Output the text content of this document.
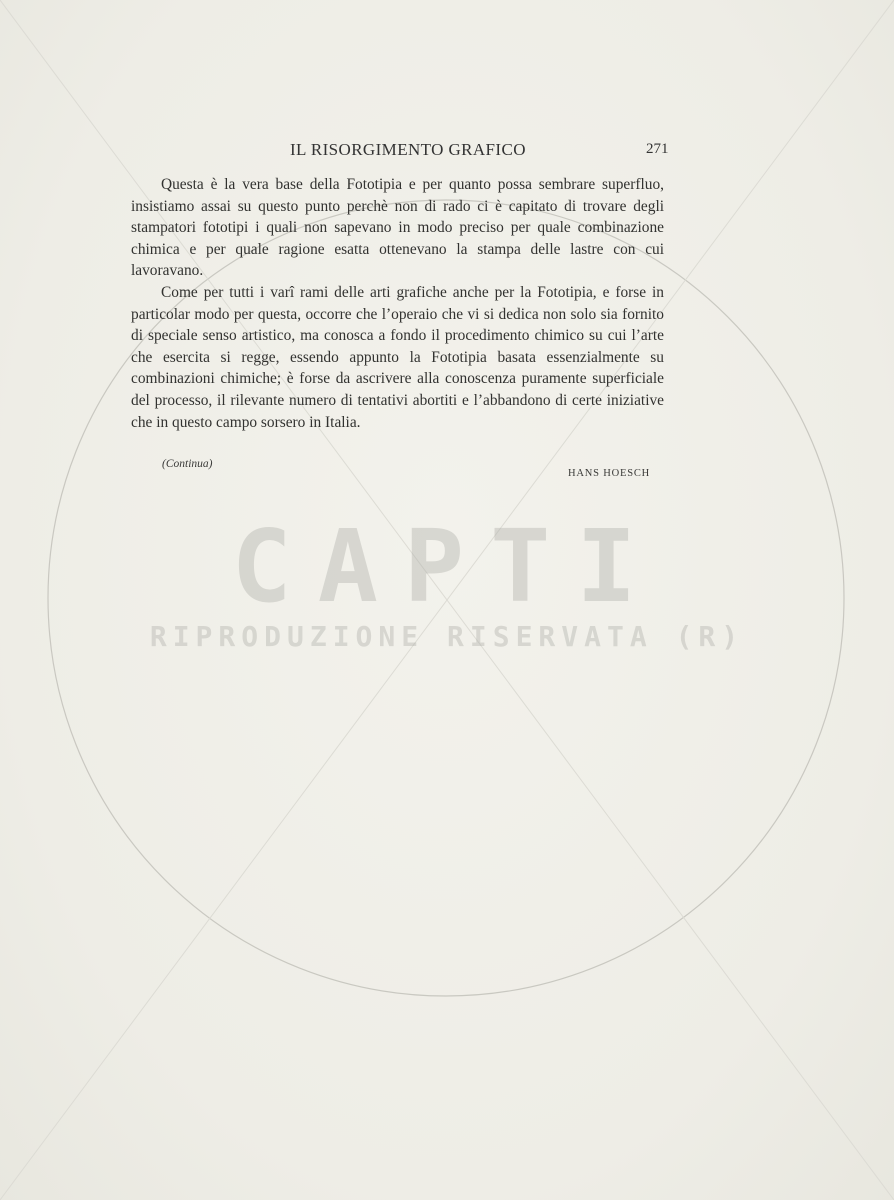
CAPTI
RIPRODUZIONE RISERVATA (R)
IL RISORGIMENTO GRAFICO	271

Questa è la vera base della Fototipia e per quanto possa sembrare superfluo, insistiamo assai su questo punto perchè non di rado ci è capitato di trovare degli stampatori fototipi i quali non sapevano in modo preciso per quale combinazione chimica e per quale ragione esatta ottenevano la stampa delle lastre con cui lavoravano.

Come per tutti i varî rami delle arti grafiche anche per la Fototipia, e forse in particolar modo per questa, occorre che l’operaio che vi si dedica non solo sia fornito di speciale senso artistico, ma conosca a fondo il procedimento chimico su cui l’arte che esercita si regge, essendo appunto la Fototipia basata essenzialmente su combinazioni chimiche; è forse da ascrivere alla conoscenza puramente superficiale del processo, il rilevante numero di tentativi abortiti e l’abbandono di certe iniziative che in questo campo sorsero in Italia.

(Continua)
HANS HOESCH
